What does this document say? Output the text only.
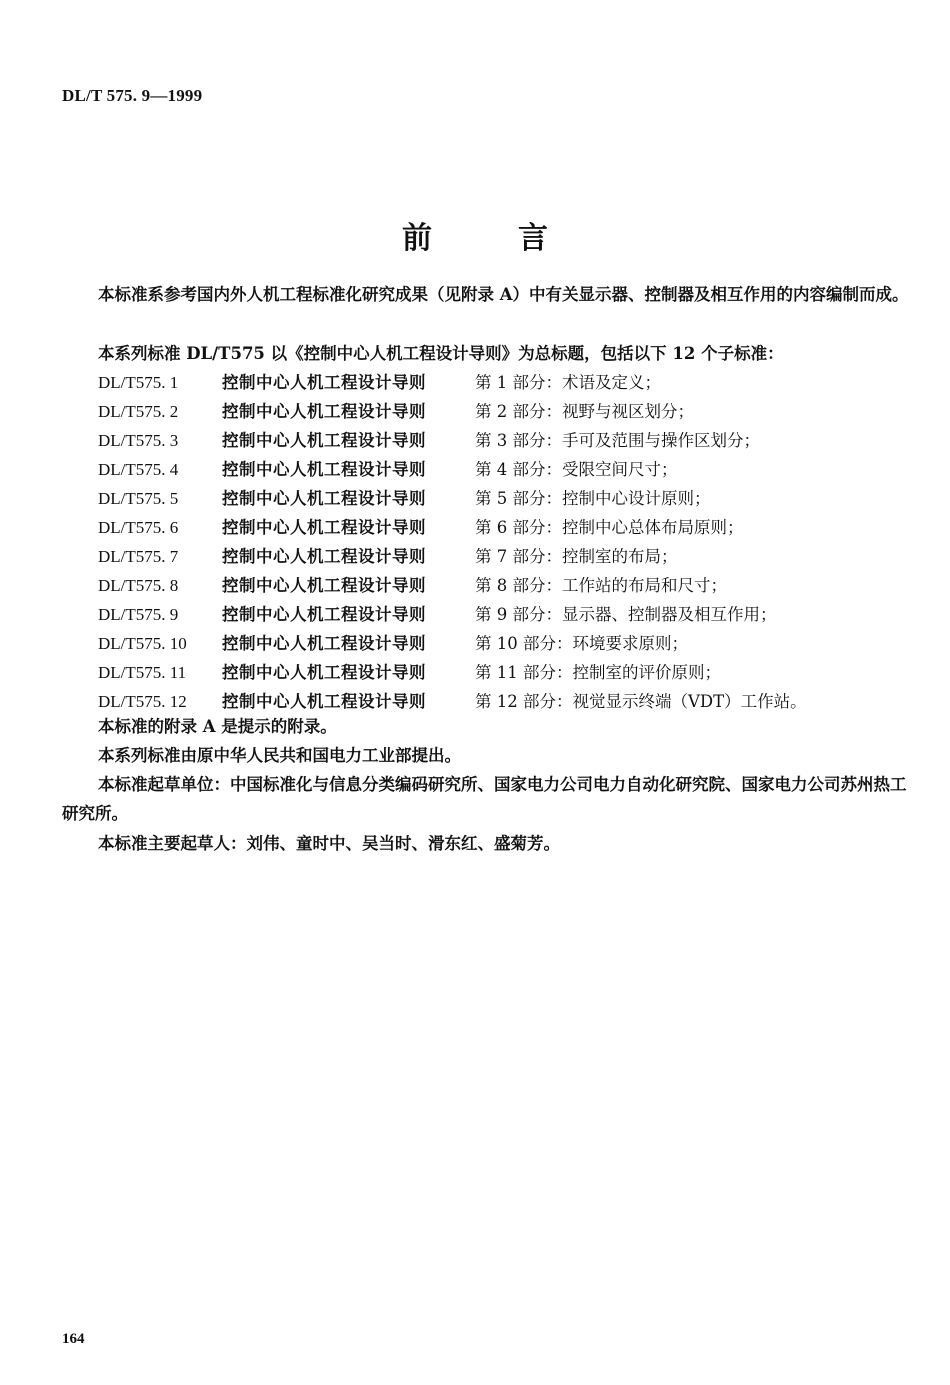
DL/T 575. 9—1999
前言
本标准系参考国内外人机工程标准化研究成果（见附录 A）中有关显示器、控制器及相互作用的内容编制而成。
本系列标准 DL/T575 以《控制中心人机工程设计导则》为总标题，包括以下 12 个子标准：
DL/T575. 1	控制中心人机工程设计导则	第 1 部分：术语及定义；
DL/T575. 2	控制中心人机工程设计导则	第 2 部分：视野与视区划分；
DL/T575. 3	控制中心人机工程设计导则	第 3 部分：手可及范围与操作区划分；
DL/T575. 4	控制中心人机工程设计导则	第 4 部分：受限空间尺寸；
DL/T575. 5	控制中心人机工程设计导则	第 5 部分：控制中心设计原则；
DL/T575. 6	控制中心人机工程设计导则	第 6 部分：控制中心总体布局原则；
DL/T575. 7	控制中心人机工程设计导则	第 7 部分：控制室的布局；
DL/T575. 8	控制中心人机工程设计导则	第 8 部分：工作站的布局和尺寸；
DL/T575. 9	控制中心人机工程设计导则	第 9 部分：显示器、控制器及相互作用；
DL/T575. 10 控制中心人机工程设计导则	第 10 部分：环境要求原则；
DL/T575. 11 控制中心人机工程设计导则	第 11 部分：控制室的评价原则；
DL/T575. 12 控制中心人机工程设计导则	第 12 部分：视觉显示终端（VDT）工作站。
本标准的附录 A 是提示的附录。
本系列标准由原中华人民共和国电力工业部提出。
本标准起草单位：中国标准化与信息分类编码研究所、国家电力公司电力自动化研究院、国家电力公司苏州热工研究所。
本标准主要起草人：刘伟、童时中、吴当时、滑东红、盛菊芳。
164
